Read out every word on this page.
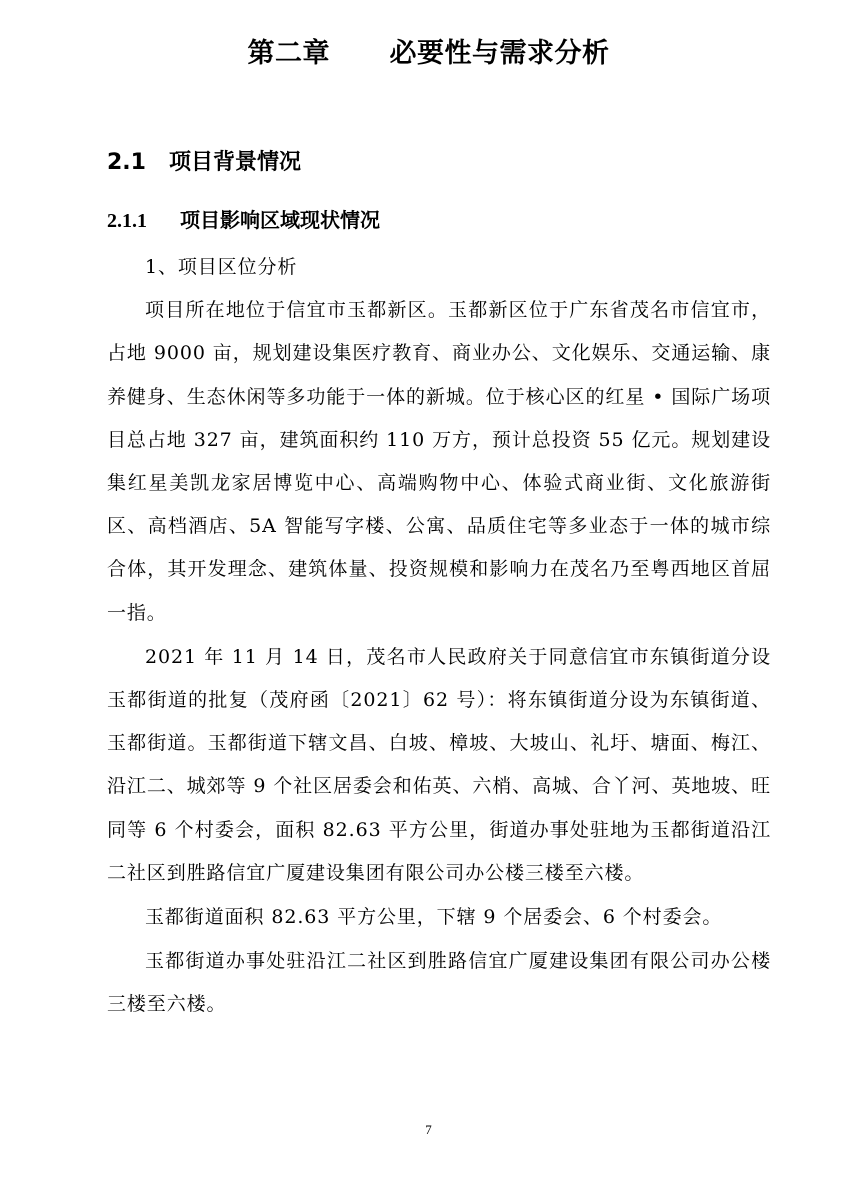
第二章      必要性与需求分析
2.1 项目背景情况
2.1.1 项目影响区域现状情况

1、项目区位分析

项目所在地位于信宜市玉都新区。玉都新区位于广东省茂名市信宜市，占地 9000 亩，规划建设集医疗教育、商业办公、文化娱乐、交通运输、康养健身、生态休闲等多功能于一体的新城。位于核心区的红星 • 国际广场项目总占地 327 亩，建筑面积约 110 万方，预计总投资 55 亿元。规划建设集红星美凯龙家居博览中心、高端购物中心、体验式商业街、文化旅游街区、高档酒店、5A 智能写字楼、公寓、品质住宅等多业态于一体的城市综合体，其开发理念、建筑体量、投资规模和影响力在茂名乃至粤西地区首屈一指。

2021 年 11 月 14 日，茂名市人民政府关于同意信宜市东镇街道分设玉都街道的批复（茂府函〔2021〕62 号）：将东镇街道分设为东镇街道、玉都街道。玉都街道下辖文昌、白坡、樟坡、大坡山、礼圩、塘面、梅江、沿江二、城郊等 9 个社区居委会和佑英、六梢、高城、合丫河、英地坡、旺同等 6 个村委会，面积 82.63 平方公里，街道办事处驻地为玉都街道沿江二社区到胜路信宜广厦建设集团有限公司办公楼三楼至六楼。

玉都街道面积 82.63 平方公里，下辖 9 个居委会、6 个村委会。

玉都街道办事处驻沿江二社区到胜路信宜广厦建设集团有限公司办公楼三楼至六楼。

7
